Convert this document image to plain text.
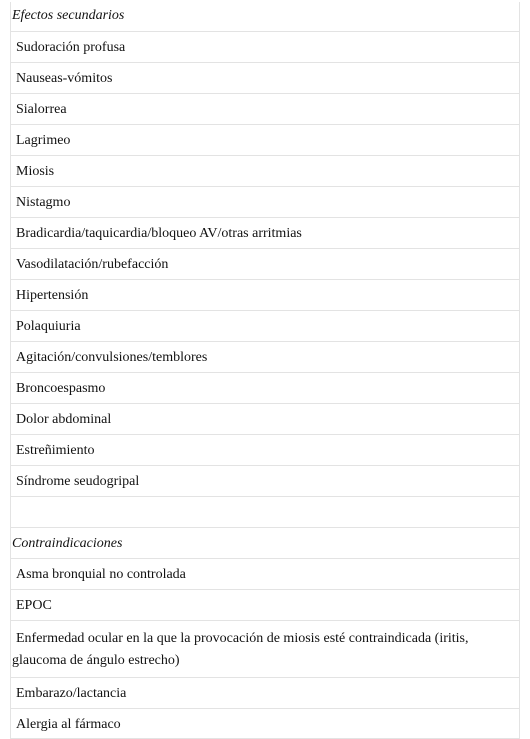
Efectos secundarios
Sudoración profusa
Nauseas-vómitos
Sialorrea
Lagrimeo
Miosis
Nistagmo
Bradicardia/taquicardia/bloqueo AV/otras arritmias
Vasodilatación/rubefacción
Hipertensión
Polaquiuria
Agitación/convulsiones/temblores
Broncoespasmo
Dolor abdominal
Estreñimiento
Síndrome seudogripal
Contraindicaciones
Asma bronquial no controlada
EPOC
Enfermedad ocular en la que la provocación de miosis esté contraindicada (iritis, glaucoma de ángulo estrecho)
Embarazo/lactancia
Alergia al fármaco
